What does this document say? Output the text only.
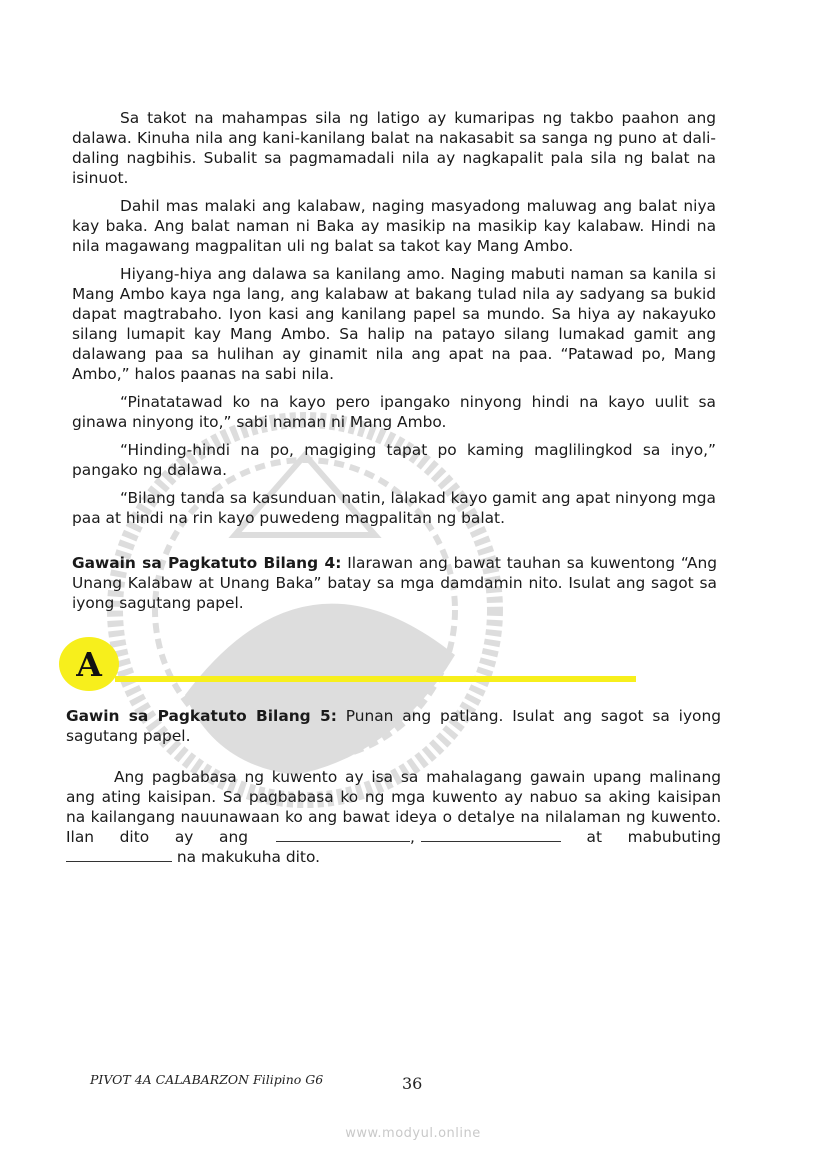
Sa takot na mahampas sila ng latigo ay kumaripas ng takbo paahon ang dalawa. Kinuha nila ang kani-kanilang balat na nakasabit sa sanga ng puno at dali-daling nagbihis. Subalit sa pagmamadali nila ay nagkapalit pala sila ng balat na isinuot.

Dahil mas malaki ang kalabaw, naging masyadong maluwag ang balat niya kay baka. Ang balat naman ni Baka ay masikip na masikip kay kalabaw. Hindi na nila magawang magpalitan uli ng balat sa takot kay Mang Ambo.

Hiyang-hiya ang dalawa sa kanilang amo. Naging mabuti naman sa kanila si Mang Ambo kaya nga lang, ang kalabaw at bakang tulad nila ay sadyang sa bukid dapat magtrabaho. Iyon kasi ang kanilang papel sa mundo. Sa hiya ay nakayuko silang lumapit kay Mang Ambo. Sa halip na patayo silang lumakad gamit ang dalawang paa sa hulihan ay ginamit nila ang apat na paa. “Patawad po, Mang Ambo,” halos paanas na sabi nila.

“Pinatatawad ko na kayo pero ipangako ninyong hindi na kayo uulit sa ginawa ninyong ito,” sabi naman ni Mang Ambo.

“Hinding-hindi na po, magiging tapat po kaming maglilingkod sa inyo,” pangako ng dalawa.

“Bilang tanda sa kasunduan natin, lalakad kayo gamit ang apat ninyong mga paa at hindi na rin kayo puwedeng magpalitan ng balat.

Gawain sa Pagkatuto Bilang 4: Ilarawan ang bawat tauhan sa kuwentong “Ang Unang Kalabaw at Unang Baka” batay sa mga damdamin nito. Isulat ang sagot sa iyong sagutang papel.

A

Gawin sa Pagkatuto Bilang 5: Punan ang patlang. Isulat ang sagot sa iyong sagutang papel.

Ang pagbabasa ng kuwento ay isa sa mahalagang gawain upang malinang ang ating kaisipan. Sa pagbabasa ko ng mga kuwento ay nabuo sa aking kaisipan na kailangang nauunawaan ko ang bawat ideya o detalye na nilalaman ng kuwento. Ilan dito ay ang	,	at mabubuting  na makukuha dito.

PIVOT 4A CALABARZON Filipino G6	36
www.modyul.online
